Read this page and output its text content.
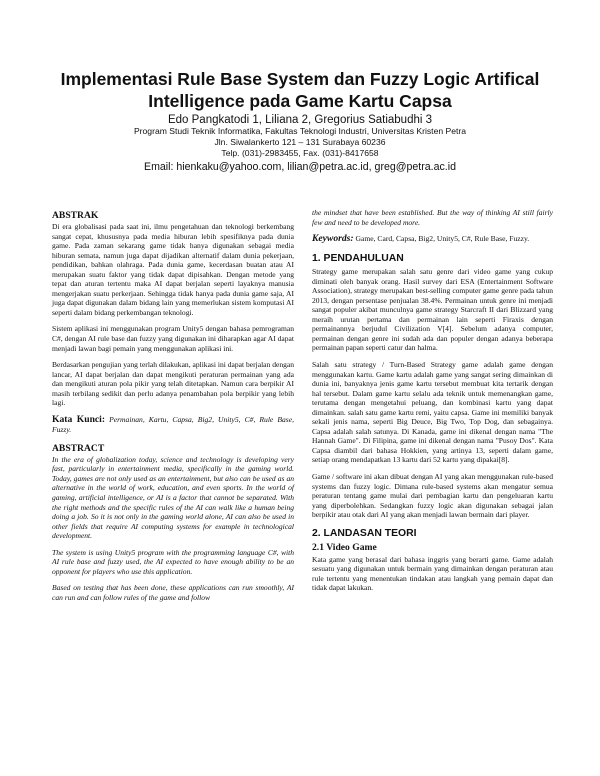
Implementasi Rule Base System dan Fuzzy Logic Artifical
Intelligence pada Game Kartu Capsa
Edo Pangkatodi 1, Liliana 2, Gregorius Satiabudhi 3
Program Studi Teknik Informatika, Fakultas Teknologi Industri, Universitas Kristen Petra
Jln. Siwalankerto 121 – 131 Surabaya 60236
Telp. (031)-2983455, Fax. (031)-8417658
Email: hienkaku@yahoo.com, lilian@petra.ac.id, greg@petra.ac.id
ABSTRAK

Di era globalisasi pada saat ini, ilmu pengetahuan dan teknologi berkembang sangat cepat, khususnya pada media hiburan lebih spesifiknya pada dunia game. Pada zaman sekarang game tidak hanya digunakan sebagai media hiburan semata, namun juga dapat dijadikan alternatif dalam dunia pekerjaan, pendidikan, bahkan olahraga. Pada dunia game, kecerdasan buatan atau AI merupakan suatu faktor yang tidak dapat dipisahkan. Dengan metode yang tepat dan aturan tertentu maka AI dapat berjalan seperti layaknya manusia mengerjakan suatu perkerjaan. Sehingga tidak hanya pada dunia game saja, AI juga dapat digunakan dalam bidang lain yang memerlukan sistem komputasi AI seperti dalam bidang perkembangan teknologi.

Sistem aplikasi ini menggunakan program Unity5 dengan bahasa pemrograman C#, dengan AI rule base dan fuzzy yang digunakan ini diharapkan agar AI dapat menjadi lawan bagi pemain yang menggunakan aplikasi ini.

Berdasarkan pengujian yang terlah dilakukan, aplikasi ini dapat berjalan dengan lancar, AI dapat berjalan dan dapat mengikuti peraturan permainan yang ada dan mengikuti aturan pola pikir yang telah ditetapkan. Namun cara berpikir AI masih terbilang sedikit dan perlu adanya penambahan pola berpikir yang lebih lagi.

Kata Kunci: Permainan, Kartu, Capsa, Big2, Unity5, C#, Rule Base, Fuzzy.
ABSTRACT

In the era of globalization today, science and technology is developing very fast, particularly in entertainment media, specifically in the gaming world. Today, games are not only used as an entertainment, but also can be used as an alternative in the world of work, education, and even sports. In the world of gaming, artificial intelligence, or AI is a factor that cannot be separated. With the right methods and the specific rules of the AI can walk like a human being doing a job. So it is not only in the gaming world alone, AI can also be used in other fields that require AI computing systems for example in technological development.

The system is using Unity5 program with the programming language C#, with AI rule base and fuzzy used, the AI expected to have enough ability to be an opponent for players who use this application.

Based on testing that has been done, these applications can run smoothly, AI can run and can follow rules of the game and follow

the mindset that have been established. But the way of thinking AI still fairly few and need to be developed more.

Keywords: Game, Card, Capsa, Big2, Unity5, C#, Rule Base, Fuzzy.
1. PENDAHULUAN

Strategy game merupakan salah satu genre dari video game yang cukup diminati oleh banyak orang. Hasil survey dari ESA (Entertainment Software Association), strategy merupakan best-selling computer game genre pada tahun 2013, dengan persentase penjualan 38.4%. Permainan untuk genre ini menjadi sangat populer akibat munculnya game strategy Starcraft II dari Blizzard yang meraih urutan pertama dan permainan lain seperti Firaxis dengan permainannya berjudul Civilization V[4]. Sebelum adanya computer, permainan dengan genre ini sudah ada dan populer dengan adanya beberapa permainan papan seperti catur dan halma.

Salah satu strategy / Turn-Based Strategy game adalah game dengan menggunakan kartu. Game kartu adalah game yang sangat sering dimainkan di dunia ini, banyaknya jenis game kartu tersebut membuat kita tertarik dengan hal tersebut. Dalam game kartu selalu ada teknik untuk memenangkan game, terutama dengan mengetahui peluang, dan kombinasi kartu yang dapat dimainkan. salah satu game kartu remi, yaitu capsa. Game ini memiliki banyak sekali jenis nama, seperti Big Deuce, Big Two, Top Dog, dan sebagainya. Capsa adalah salah satunya. Di Kanada, game ini dikenal dengan nama "The Hannah Game". Di Filipina, game ini dikenal dengan nama "Pusoy Dos". Kata Capsa diambil dari bahasa Hokkien, yang artinya 13, seperti dalam game, setiap orang mendapatkan 13 kartu dari 52 kartu yang dipakai[8].

Game / software ini akan dibuat dengan AI yang akan menggunakan rule-based systems dan fuzzy logic. Dimana rule-based systems akan mengatur semua peraturan tentang game mulai dari pembagian kartu dan pengeluaran kartu yang diperbolehkan. Sedangkan fuzzy logic akan digunakan sebagai jalan berpikir atau otak dari AI yang akan menjadi lawan bermain dari player.

2. LANDASAN TEORI
2.1 Video Game

Kata game yang berasal dari bahasa inggris yang berarti game. Game adalah sesuatu yang digunakan untuk bermain yang dimainkan dengan peraturan atau rule tertentu yang menentukan tindakan atau langkah yang pemain dapat dan tidak dapat lakukan.
